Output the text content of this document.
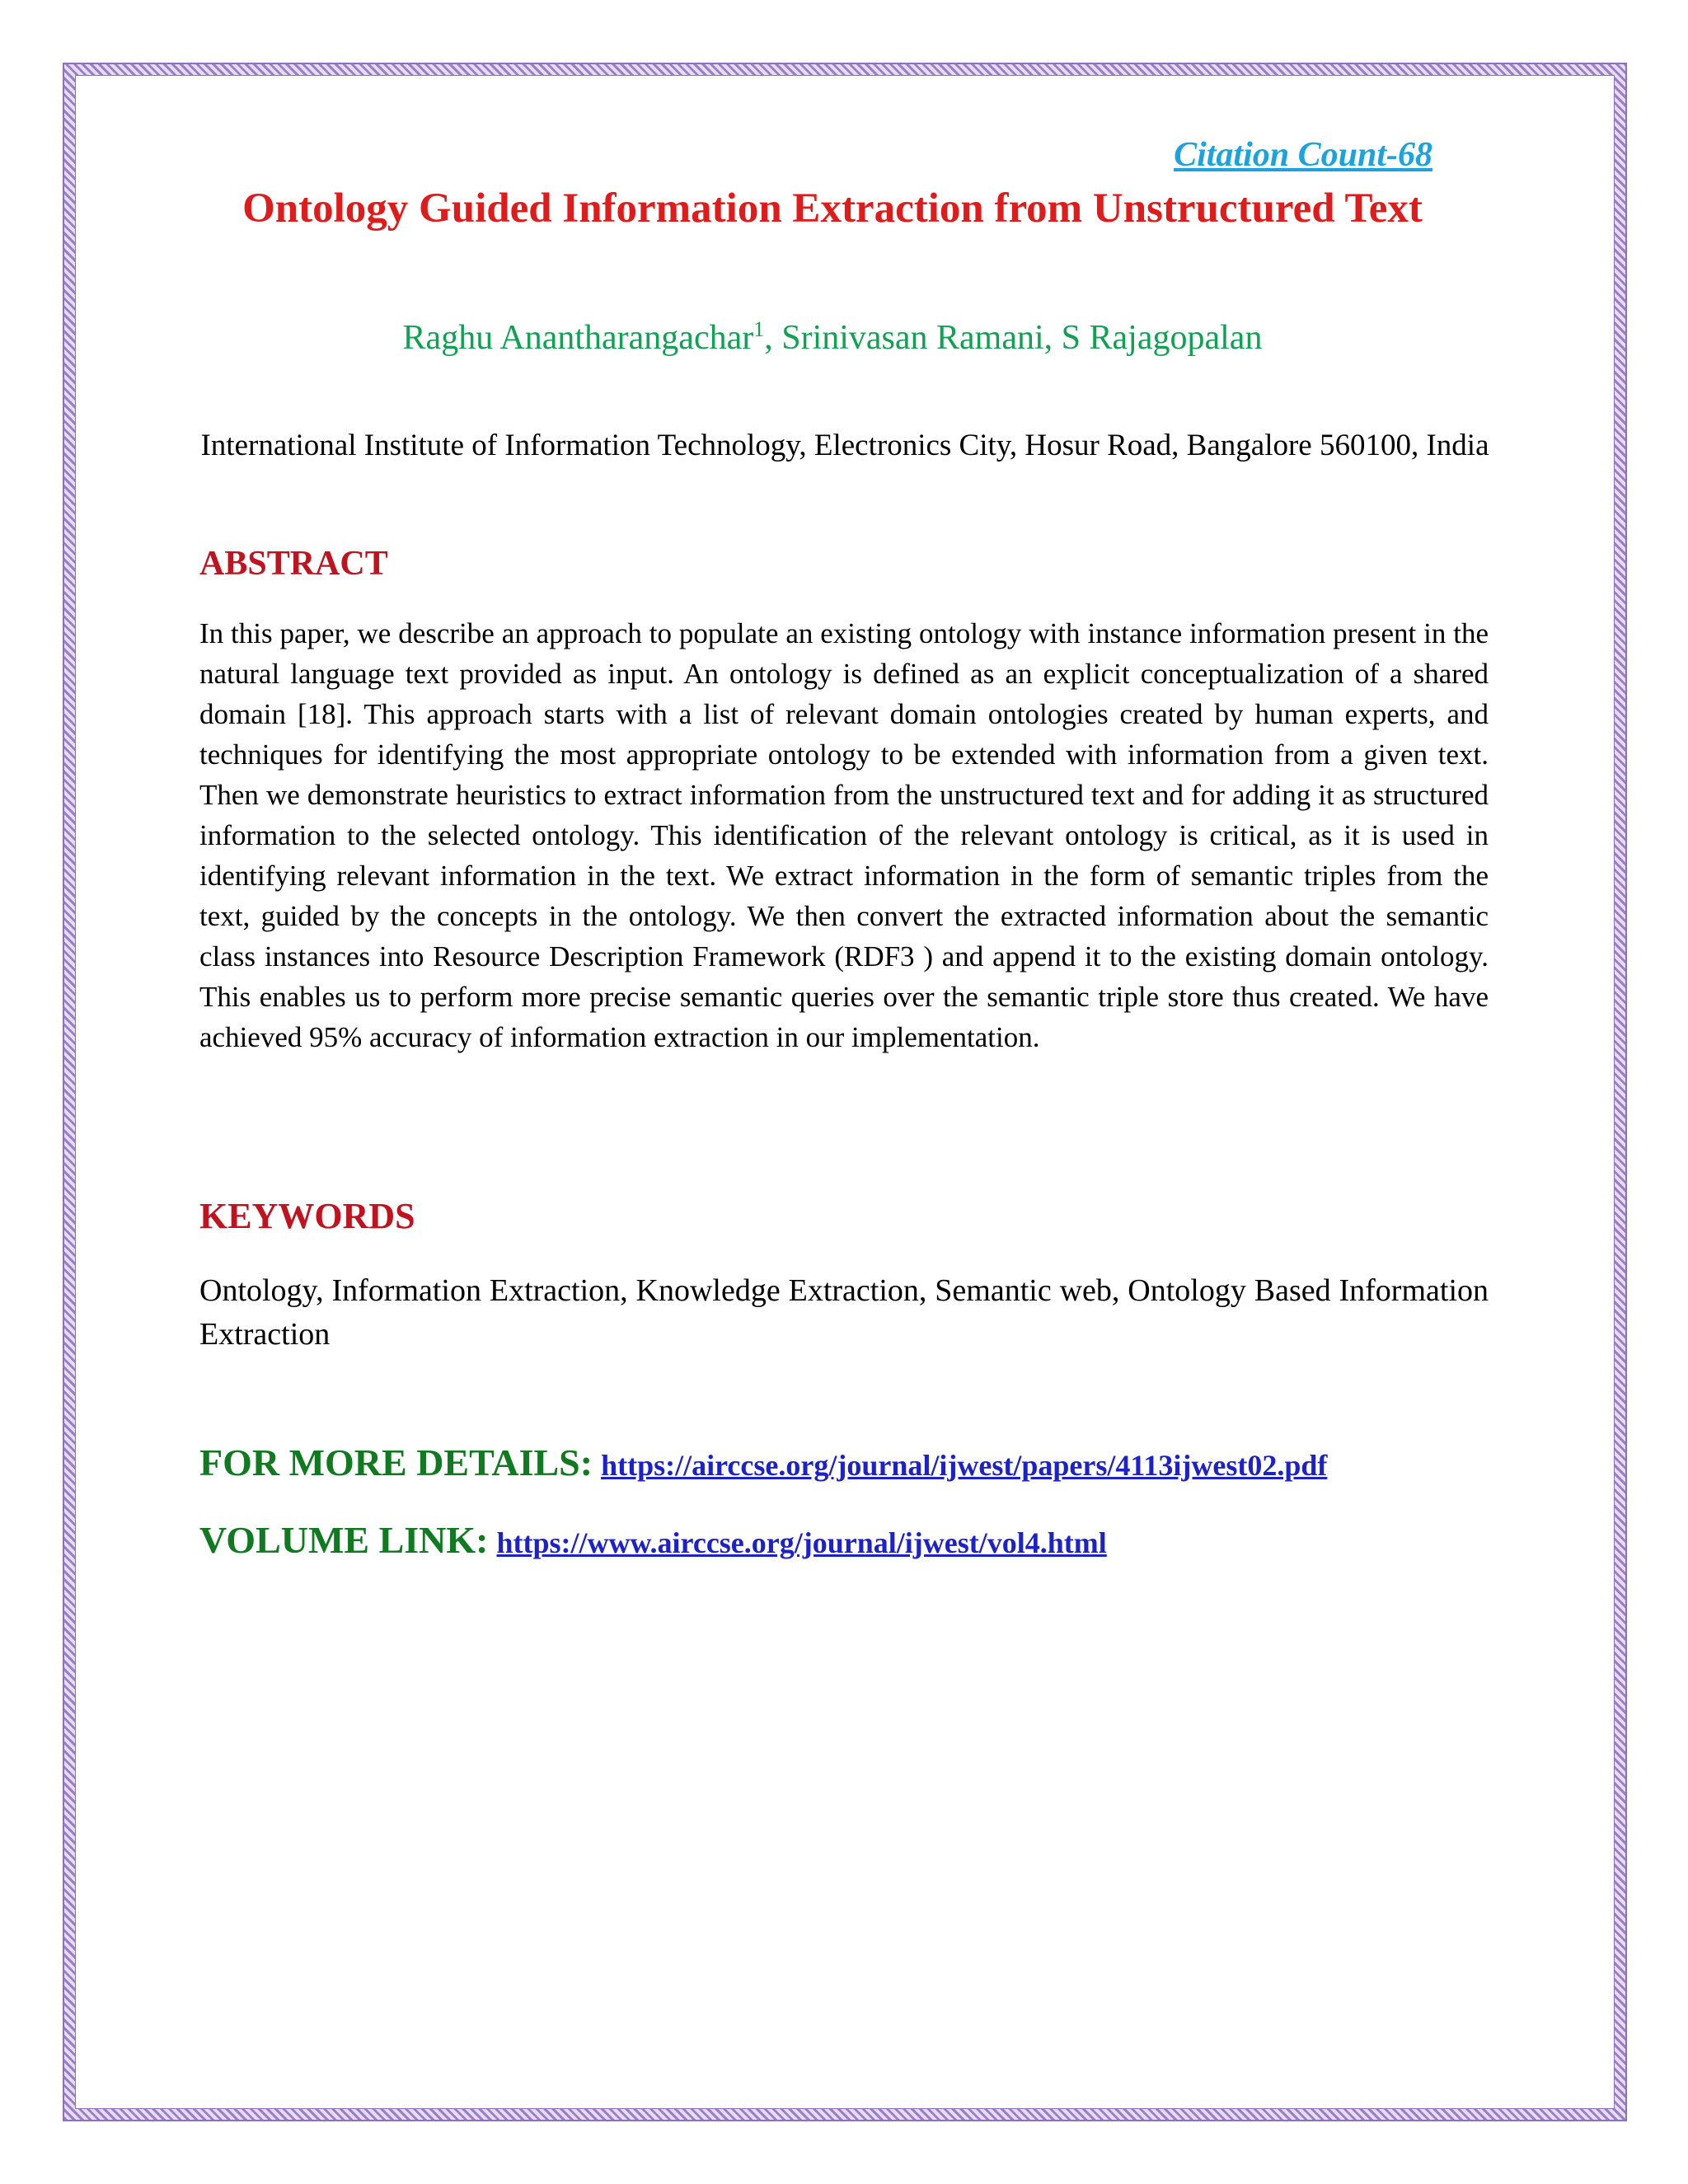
Citation Count-68
Ontology Guided Information Extraction from Unstructured Text
Raghu Anantharangachar$^1$, Srinivasan Ramani, S Rajagopalan
International Institute of Information Technology, Electronics City, Hosur Road, Bangalore 560100, India
ABSTRACT
In this paper, we describe an approach to populate an existing ontology with instance information present in the natural language text provided as input. An ontology is defined as an explicit conceptualization of a shared domain [18]. This approach starts with a list of relevant domain ontologies created by human experts, and techniques for identifying the most appropriate ontology to be extended with information from a given text. Then we demonstrate heuristics to extract information from the unstructured text and for adding it as structured information to the selected ontology. This identification of the relevant ontology is critical, as it is used in identifying relevant information in the text. We extract information in the form of semantic triples from the text, guided by the concepts in the ontology. We then convert the extracted information about the semantic class instances into Resource Description Framework (RDF3 ) and append it to the existing domain ontology. This enables us to perform more precise semantic queries over the semantic triple store thus created. We have achieved 95% accuracy of information extraction in our implementation.
KEYWORDS
Ontology, Information Extraction, Knowledge Extraction, Semantic web, Ontology Based Information Extraction
FOR MORE DETAILS: https://airccse.org/journal/ijwest/papers/4113ijwest02.pdf
VOLUME LINK: https://www.airccse.org/journal/ijwest/vol4.html
